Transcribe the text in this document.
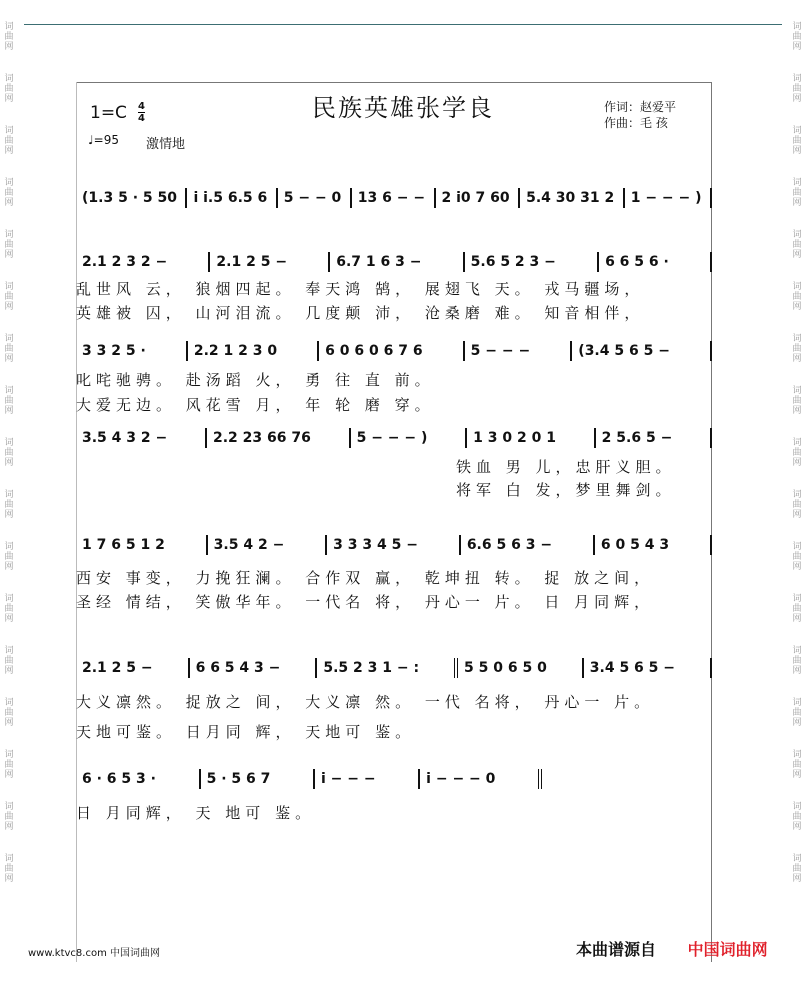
词曲网
词曲网
词曲网
词曲网
词曲网
词曲网
词曲网
词曲网
词曲网
词曲网
词曲网
词曲网
词曲网
词曲网
词曲网
词曲网
词曲网
词曲网
词曲网
词曲网
词曲网
词曲网
词曲网
词曲网
词曲网
词曲网
词曲网
词曲网
词曲网
词曲网
词曲网
词曲网
词曲网
词曲网
民族英雄张学良
1=C 4
4
♩=95 激情地
作词：赵爱平
作曲：毛 孩
(1.3 5 · 5 50	i i.5 6.5 6	5 − − 0	13 6 − −	2 i0 7 60	5.4 30 31 2	1 − − − )
2.1 2 3 2 −	2.1 2 5 −	6.7 1 6 3 −	5.6 5 2 3 −	6 6 5 6 ·
乱世风 云， 狼烟四起。 奉天鸿 鹄， 展翅飞 天。 戎马疆场，
英雄被 囚， 山河泪流。 几度颠 沛， 沧桑磨 难。 知音相伴，
3 3 2 5 ·	2.2 1 2 3 0	6 0 6 0 6 7 6	5 − − −	(3.4 5 6 5 −
叱咤驰骋。 赴汤蹈 火， 勇 往 直 前。
大爱无边。 风花雪 月， 年 轮 磨 穿。
3.5 4 3 2 −	2.2 23 66 76	5 − − − )	1 3 0 2 0 1	2 5.6 5 −
铁血 男 儿，忠肝义胆。
将军 白 发，梦里舞剑。
1 7 6 5 1 2	3.5 4 2 −	3 3 3 4 5 −	6.6 5 6 3 −	6 0 5 4 3
西安 事变， 力挽狂澜。 合作双 赢， 乾坤扭 转。 捉 放之间，
圣经 情结， 笑傲华年。 一代名 将， 丹心一 片。 日 月同辉，
2.1 2 5 −	6 6 5 4 3 −	5.5 2 3 1 − :	5 5 0 6 5 0	3.4 5 6 5 −
大义凛然。 捉放之 间， 大义凛 然。 一代 名将， 丹心一 片。
天地可鉴。 日月同 辉， 天地可 鉴。
6 · 6 5 3 ·	5 · 5 6 7	i − − −	i − − − 0
日 月同辉， 天 地可 鉴。
www.ktvc8.com 中国词曲网	本曲谱源自 中国词曲网
